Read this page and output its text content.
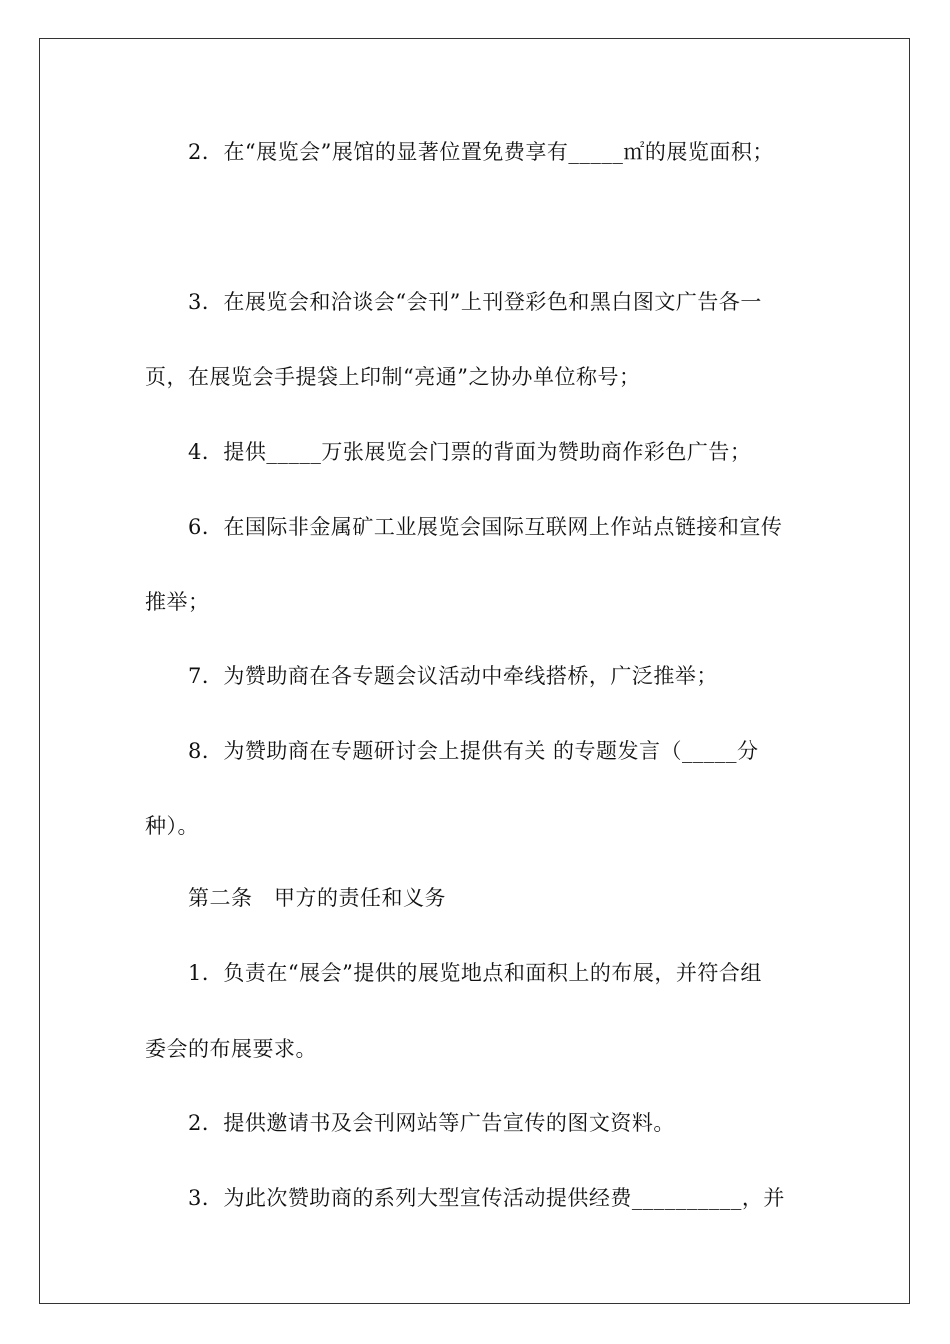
2．在“展览会”展馆的显著位置免费享有_____㎡的展览面积；
3．在展览会和洽谈会“会刊”上刊登彩色和黑白图文广告各一
页，在展览会手提袋上印制“亮通”之协办单位称号；
4．提供_____万张展览会门票的背面为赞助商作彩色广告；
6．在国际非金属矿工业展览会国际互联网上作站点链接和宣传
推举；
7．为赞助商在各专题会议活动中牵线搭桥，广泛推举；
8．为赞助商在专题研讨会上提供有关 的专题发言（_____分
种）。
第二条　甲方的责任和义务
1．负责在“展会”提供的展览地点和面积上的布展，并符合组
委会的布展要求。
2．提供邀请书及会刊网站等广告宣传的图文资料。
3．为此次赞助商的系列大型宣传活动提供经费__________，并
